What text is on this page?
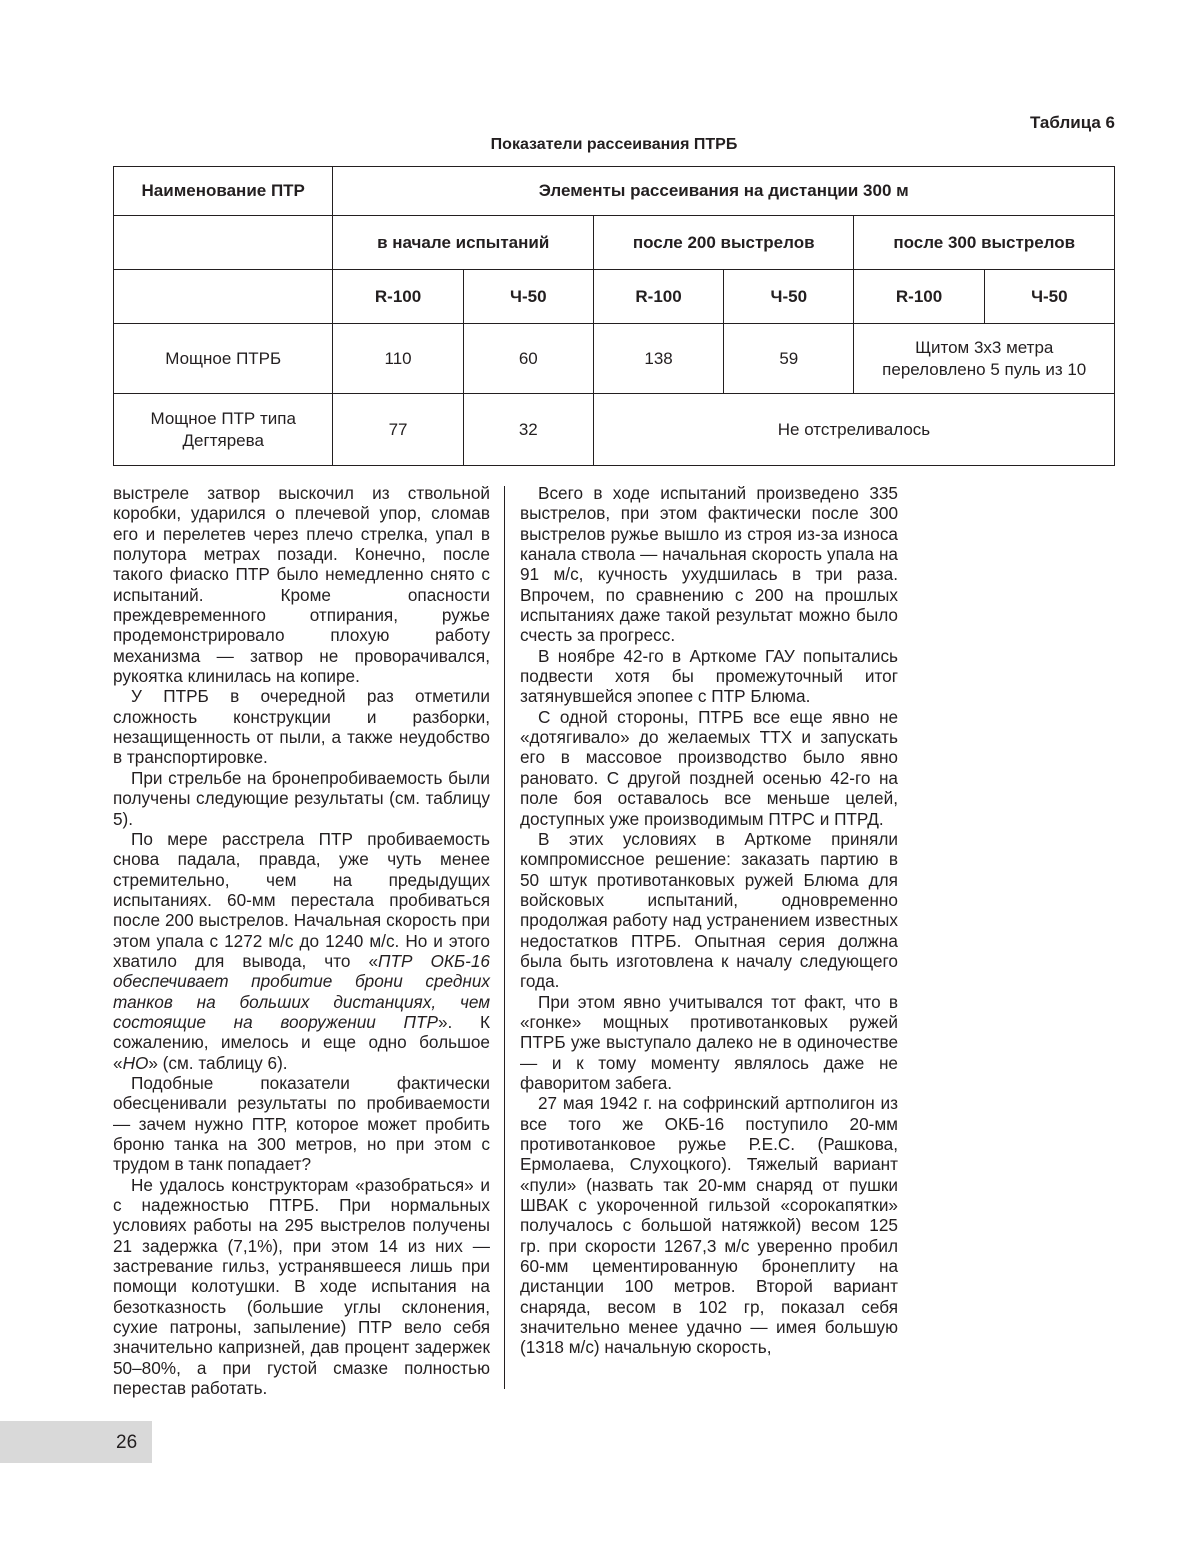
Таблица 6
Показатели рассеивания ПТРБ
Наименование ПТР	Элементы рассеивания на дистанции 300 м					
	в начале испытаний		после 200 выстрелов		после 300 выстрелов	
	R-100	Ч-50	R-100	Ч-50	R-100	Ч-50
Мощное ПТРБ	110	60	138	59	Щитом 3х3 метра
переловлено 5 пуль из 10	
Мощное ПТР типа
Дегтярева	77	32	Не отстреливалось			

выстреле затвор выскочил из ствольной коробки, ударился о плечевой упор, сломав его и перелетев через плечо стрелка, упал в полутора метрах позади. Конечно, после такого фиаско ПТР было немедленно снято с испытаний. Кроме опасности преждевременного отпирания, ружье продемонстрировало плохую работу механизма — затвор не проворачивался, рукоятка клинилась на копире.

У ПТРБ в очередной раз отметили сложность конструкции и разборки, незащищенность от пыли, а также неудобство в транспортировке.

При стрельбе на бронепробиваемость были получены следующие результаты (см. таблицу 5).

По мере расстрела ПТР пробиваемость снова падала, правда, уже чуть менее стремительно, чем на предыдущих испытаниях. 60-мм перестала пробиваться после 200 выстрелов. Начальная скорость при этом упала с 1272 м/с до 1240 м/с. Но и этого хватило для вывода, что «ПТР ОКБ-16 обеспечивает пробитие брони средних танков на больших дистанциях, чем состоящие на вооружении ПТР». К сожалению, имелось и еще одно большое «НО» (см. таблицу 6).

Подобные показатели фактически обесценивали результаты по пробиваемости — зачем нужно ПТР, которое может пробить броню танка на 300 метров, но при этом с трудом в танк попадает?

Не удалось конструкторам «разобраться» и с надежностью ПТРБ. При нормальных условиях работы на 295 выстрелов получены 21 задержка (7,1%), при этом 14 из них — застревание гильз, устранявшееся лишь при помощи колотушки. В ходе испытания на безотказность (большие углы склонения, сухие патроны, запыление) ПТР вело себя значительно капризней, дав процент задержек 50–80%, а при густой смазке полностью перестав работать.

Всего в ходе испытаний произведено 335 выстрелов, при этом фактически после 300 выстрелов ружье вышло из строя из-за износа канала ствола — начальная скорость упала на 91 м/с, кучность ухудшилась в три раза. Впрочем, по сравнению с 200 на прошлых испытаниях даже такой результат можно было счесть за прогресс.

В ноябре 42-го в Арткоме ГАУ попытались подвести хотя бы промежуточный итог затянувшейся эпопее с ПТР Блюма.

С одной стороны, ПТРБ все еще явно не «дотягивало» до желаемых ТТХ и запускать его в массовое производство было явно рановато. С другой поздней осенью 42-го на поле боя оставалось все меньше целей, доступных уже производимым ПТРС и ПТРД.

В этих условиях в Арткоме приняли компромиссное решение: заказать партию в 50 штук противотанковых ружей Блюма для войсковых испытаний, одновременно продолжая работу над устранением известных недостатков ПТРБ. Опытная серия должна была быть изготовлена к началу следующего года.

При этом явно учитывался тот факт, что в «гонке» мощных противотанковых ружей ПТРБ уже выступало далеко не в одиночестве — и к тому моменту являлось даже не фаворитом забега.

27 мая 1942 г. на софринский артполигон из все того же ОКБ-16 поступило 20-мм противотанковое ружье Р.Е.С. (Рашкова, Ермолаева, Слухоцкого). Тяжелый вариант «пули» (назвать так 20-мм снаряд от пушки ШВАК с укороченной гильзой «сорокапятки» получалось с большой натяжкой) весом 125 гр. при скорости 1267,3 м/с уверенно пробил 60-мм цементированную бронеплиту на дистанции 100 метров. Второй вариант снаряда, весом в 102 гр, показал себя значительно менее удачно — имея большую (1318 м/с) начальную скорость,

26
